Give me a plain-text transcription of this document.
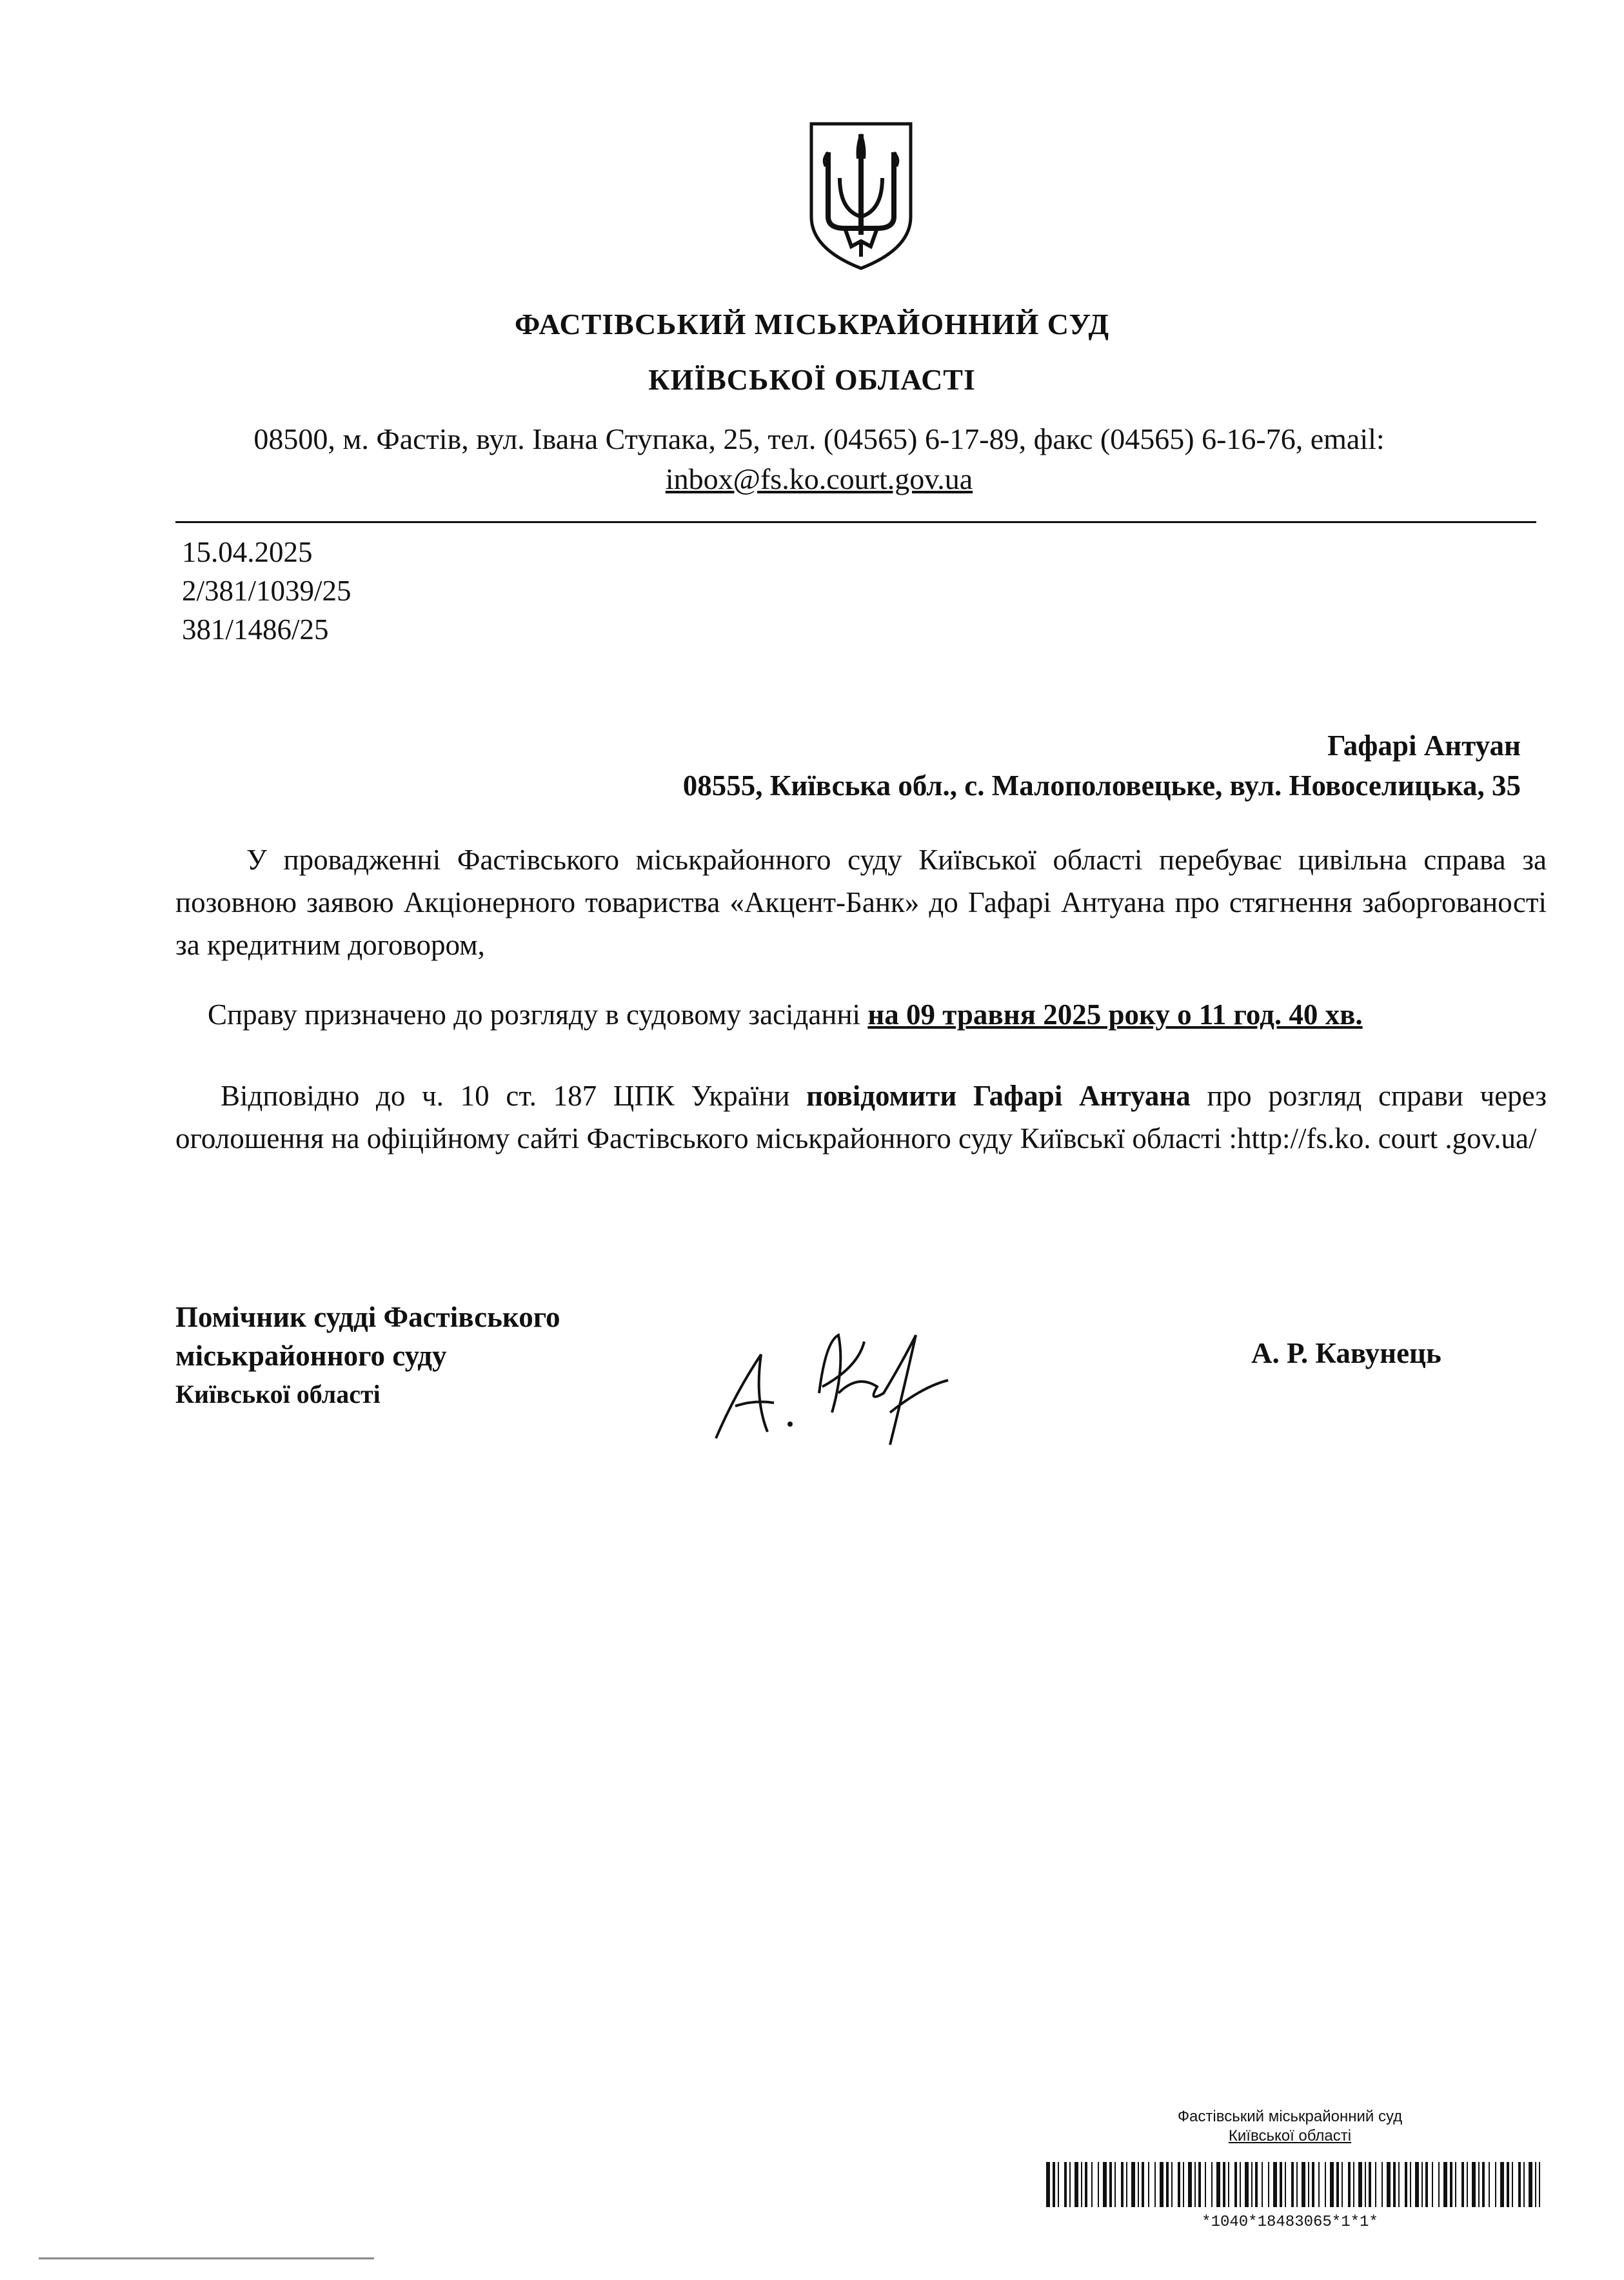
ФАСТІВСЬКИЙ МІСЬКРАЙОННИЙ СУД
КИЇВСЬКОЇ ОБЛАСТІ
08500, м. Фастів, вул. Івана Ступака, 25, тел. (04565) 6-17-89, факс (04565) 6-16-76, email:
inbox@fs.ko.court.gov.ua
15.04.2025
2/381/1039/25
381/1486/25
Гафарі Антуан
08555, Київська обл., с. Малополовецьке, вул. Новоселицька, 35
У провадженні Фастівського міськрайонного суду Київської області перебуває цивільна справа за позовною заявою Акціонерного товариства «Акцент-Банк» до Гафарі Антуана про стягнення заборгованості за кредитним договором,
Справу призначено до розгляду в судовому засіданні на 09 травня 2025 року о 11 год. 40 хв.
Відповідно до ч. 10 ст. 187 ЦПК України повідомити Гафарі Антуана про розгляд справи через оголошення на офіційному сайті Фастівського міськрайонного суду Київськї області :http://fs.ko. court .gov.ua/
Помічник судді Фастівського
міськрайонного суду
Київської області
А. Р. Кавунець
Фастівський міськрайонний суд
Київської області
*1040*18483065*1*1*
